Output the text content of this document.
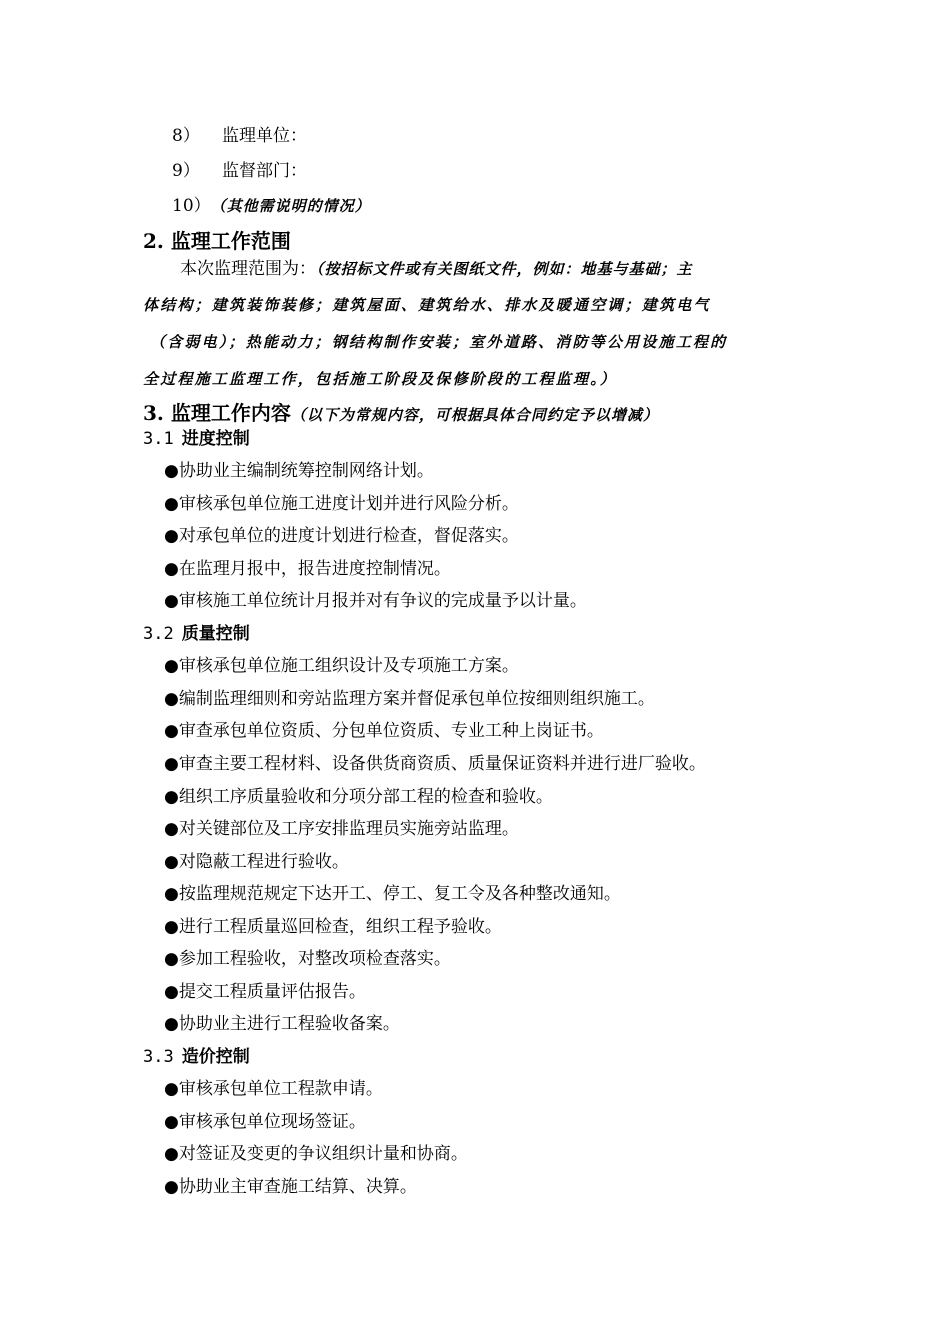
8） 监理单位：
9） 监督部门：
10）（其他需说明的情况）
2. 监理工作范围
本次监理范围为：（按招标文件或有关图纸文件，例如：地基与基础；主
体结构；建筑装饰装修；建筑屋面、建筑给水、排水及暖通空调；建筑电气
（含弱电）；热能动力；钢结构制作安装；室外道路、消防等公用设施工程的
全过程施工监理工作，包括施工阶段及保修阶段的工程监理。）
3. 监理工作内容（以下为常规内容，可根据具体合同约定予以增减）
3.1 进度控制
●协助业主编制统筹控制网络计划。
●审核承包单位施工进度计划并进行风险分析。
●对承包单位的进度计划进行检查，督促落实。
●在监理月报中，报告进度控制情况。
●审核施工单位统计月报并对有争议的完成量予以计量。
3.2 质量控制
●审核承包单位施工组织设计及专项施工方案。
●编制监理细则和旁站监理方案并督促承包单位按细则组织施工。
●审查承包单位资质、分包单位资质、专业工种上岗证书。
●审查主要工程材料、设备供货商资质、质量保证资料并进行进厂验收。
●组织工序质量验收和分项分部工程的检查和验收。
●对关键部位及工序安排监理员实施旁站监理。
●对隐蔽工程进行验收。
●按监理规范规定下达开工、停工、复工令及各种整改通知。
●进行工程质量巡回检查，组织工程予验收。
●参加工程验收，对整改项检查落实。
●提交工程质量评估报告。
●协助业主进行工程验收备案。
3.3 造价控制
●审核承包单位工程款申请。
●审核承包单位现场签证。
●对签证及变更的争议组织计量和协商。
●协助业主审查施工结算、决算。
